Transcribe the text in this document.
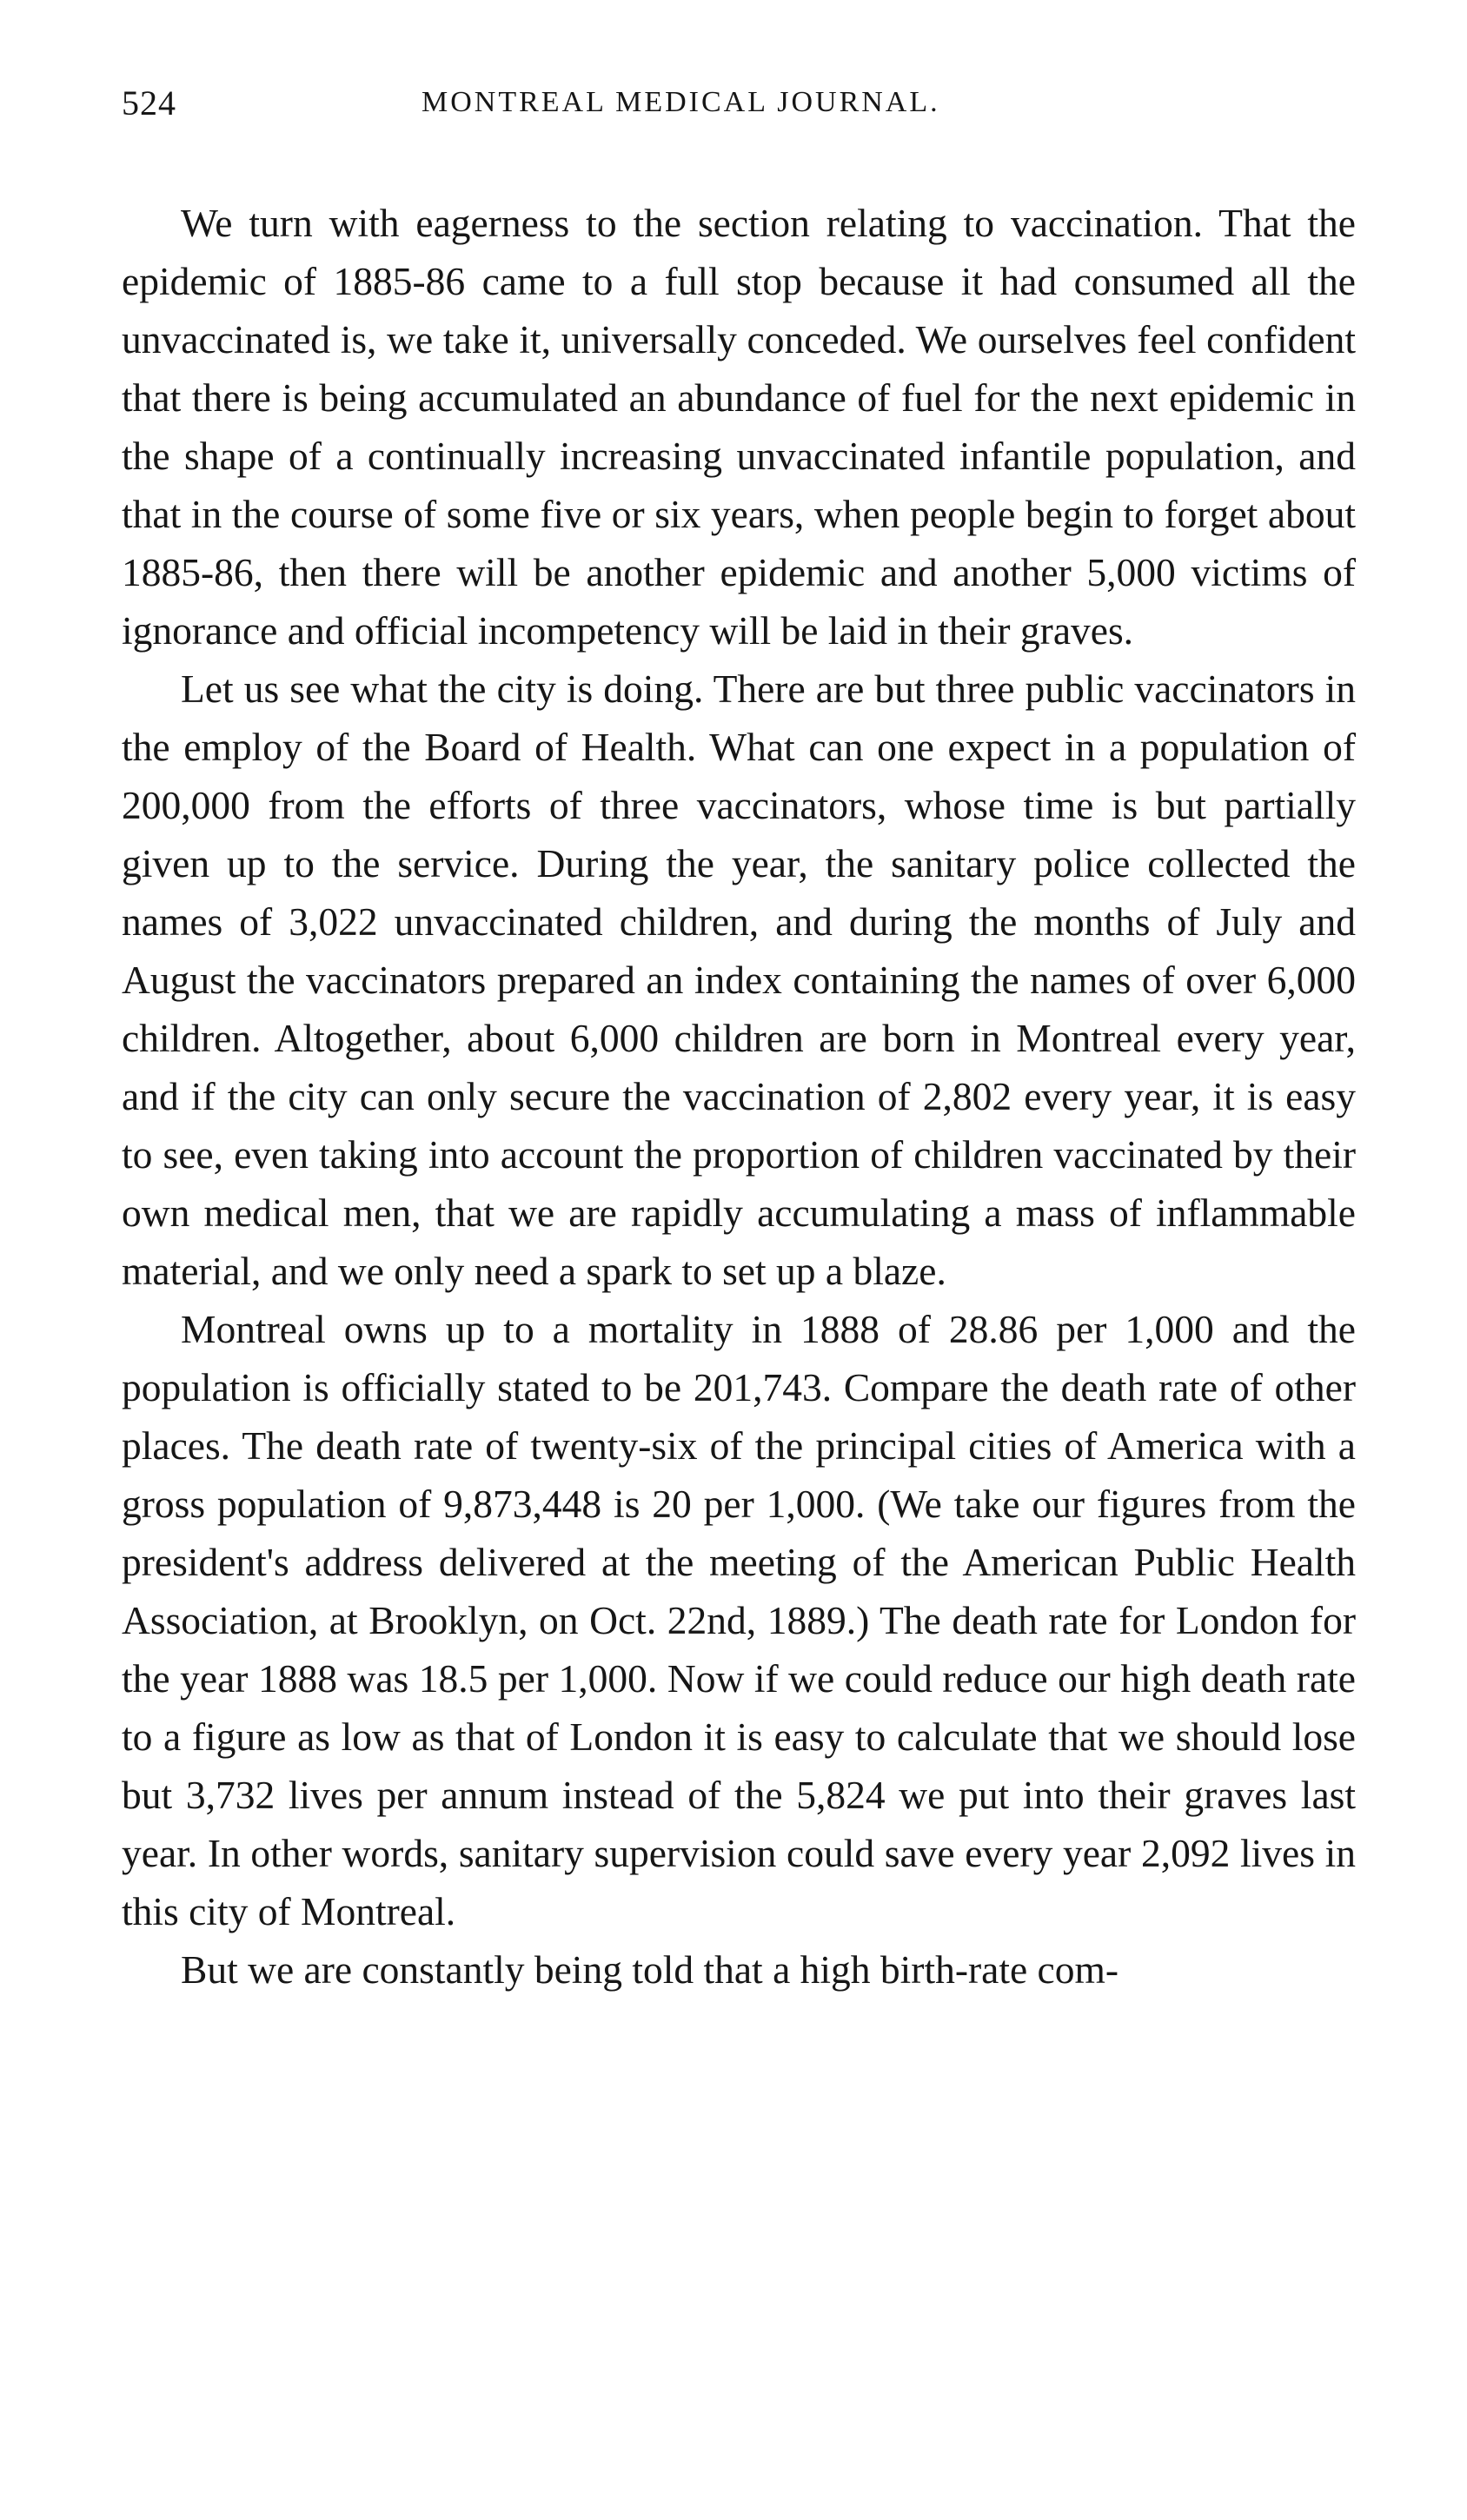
524	MONTREAL MEDICAL JOURNAL.

We turn with eagerness to the section relating to vaccination. That the epidemic of 1885-86 came to a full stop because it had consumed all the unvaccinated is, we take it, universally conceded. We ourselves feel confident that there is being accumulated an abundance of fuel for the next epidemic in the shape of a continually increasing unvaccinated infantile population, and that in the course of some five or six years, when people begin to forget about 1885-86, then there will be another epidemic and another 5,000 victims of ignorance and official incompetency will be laid in their graves.

Let us see what the city is doing. There are but three public vaccinators in the employ of the Board of Health. What can one expect in a population of 200,000 from the efforts of three vaccinators, whose time is but partially given up to the service. During the year, the sanitary police collected the names of 3,022 unvaccinated children, and during the months of July and August the vaccinators prepared an index containing the names of over 6,000 children. Altogether, about 6,000 children are born in Montreal every year, and if the city can only secure the vaccination of 2,802 every year, it is easy to see, even taking into account the proportion of children vaccinated by their own medical men, that we are rapidly accumulating a mass of inflammable material, and we only need a spark to set up a blaze.

Montreal owns up to a mortality in 1888 of 28.86 per 1,000 and the population is officially stated to be 201,743. Compare the death rate of other places. The death rate of twenty-six of the principal cities of America with a gross population of 9,873,448 is 20 per 1,000. (We take our figures from the president's address delivered at the meeting of the American Public Health Association, at Brooklyn, on Oct. 22nd, 1889.) The death rate for London for the year 1888 was 18.5 per 1,000. Now if we could reduce our high death rate to a figure as low as that of London it is easy to calculate that we should lose but 3,732 lives per annum instead of the 5,824 we put into their graves last year. In other words, sanitary supervision could save every year 2,092 lives in this city of Montreal.

But we are constantly being told that a high birth-rate com-
